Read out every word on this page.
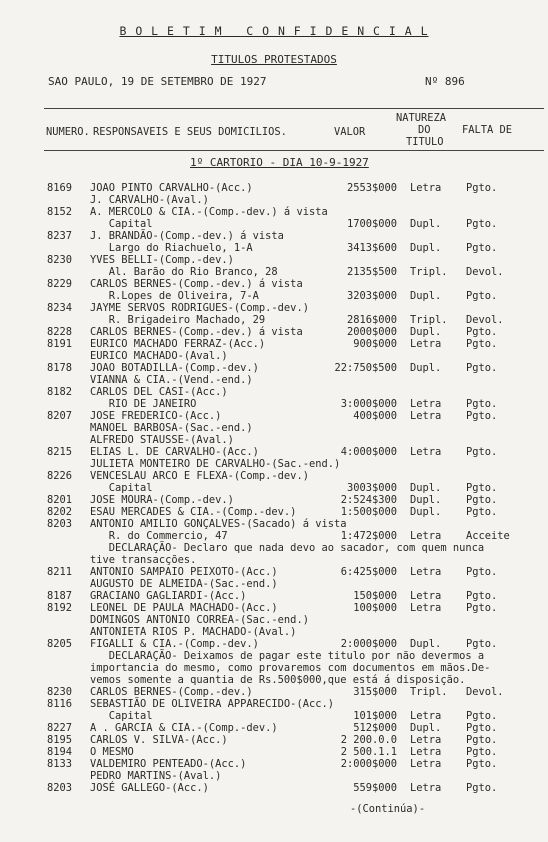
B O L E T I M   C O N F I D E N C I A L
TITULOS PROTESTADOS
SAO PAULO, 19 DE SETEMBRO DE 1927	Nº 896
NUMERO. RESPONSAVEIS E SEUS DOMICILIOS.	VALOR
NATUREZA
DO
TITULO
FALTA DE
1º CARTORIO - DIA 10-9-1927
8169 JOAO PINTO CARVALHO-(Acc.)	2553$000 Letra Pgto.
J. CARVALHO-(Aval.)
8152 A. MERCOLO & CIA.-(Comp.-dev.) á vista
Capital	1700$000 Dupl. Pgto.
8237 J. BRANDÃO-(Comp.-dev.) á vista
Largo do Riachuelo, 1-A	3413$600 Dupl. Pgto.
8230 YVES BELLI-(Comp.-dev.)
Al. Barão do Rio Branco, 28	2135$500 Tripl. Devol.
8229 CARLOS BERNES-(Comp.-dev.) á vista
R.Lopes de Oliveira, 7-A	3203$000 Dupl. Pgto.
8234 JAYME SERVOS RODRIGUES-(Comp.-dev.)
R. Brigadeiro Machado, 29	2816$000 Tripl. Devol.
8228 CARLOS BERNES-(Comp.-dev.) á vista	2000$000 Dupl. Pgto.
8191 EURICO MACHADO FERRAZ-(Acc.)	900$000 Letra Pgto.
EURICO MACHADO-(Aval.)
8178 JOAO BOTADILLA-(Comp.-dev.)	22:750$500 Dupl. Pgto.
VIANNA & CIA.-(Vend.-end.)
8182 CARLOS DEL CASI-(Acc.)
RIO DE JANEIRO	3:000$000 Letra Pgto.
8207 JOSE FREDERICO-(Acc.)	400$000 Letra Pgto.
MANOEL BARBOSA-(Sac.-end.)
ALFREDO STAUSSE-(Aval.)
8215 ELIAS L. DE CARVALHO-(Acc.)	4:000$000 Letra Pgto.
JULIETA MONTEIRO DE CARVALHO-(Sac.-end.)
8226 VENCESLAU ARCO E FLEXA-(Comp.-dev.)
Capital	3003$000 Dupl. Pgto.
8201 JOSE MOURA-(Comp.-dev.)	2:524$300 Dupl. Pgto.
8202 ESAU MERCADES & CIA.-(Comp.-dev.)	1:500$000 Dupl. Pgto.
8203 ANTONIO AMILIO GONÇALVES-(Sacado) á vista
R. do Commercio, 47	1:472$000 Letra Acceite
DECLARAÇÃO- Declaro que nada devo ao sacador, com quem nunca
tive transacções.
8211 ANTONIO SAMPAIO PEIXOTO-(Acc.)	6:425$000 Letra Pgto.
AUGUSTO DE ALMEIDA-(Sac.-end.)
8187 GRACIANO GAGLIARDI-(Acc.)	150$000 Letra Pgto.
8192 LEONEL DE PAULA MACHADO-(Acc.)	100$000 Letra Pgto.
DOMINGOS ANTONIO CORREA-(Sac.-end.)
ANTONIETA RIOS P. MACHADO-(Aval.)
8205 FIGALLI & CIA.-(Comp.-dev.)	2:000$000 Dupl. Pgto.
DECLARAÇÃO- Deixamos de pagar este titulo por não devermos a
importancia do mesmo, como provaremos com documentos em mãos.De-
vemos somente a quantia de Rs.500$000,que está á disposição.
8230 CARLOS BERNES-(Comp.-dev.)	315$000 Tripl. Devol.
8116 SEBASTIÃO DE OLIVEIRA APPARECIDO-(Acc.)
Capital	101$000 Letra Pgto.
8227 A . GARCIA & CIA.-(Comp.-dev.)	512$000 Dupl. Pgto.
8195 CARLOS V. SILVA-(Acc.)	2 200.0.0 Letra Pgto.
8194 O MESMO	2 500.1.1 Letra Pgto.
8133 VALDEMIRO PENTEADO-(Acc.)	2:000$000 Letra Pgto.
PEDRO MARTINS-(Aval.)
8203 JOSÉ GALLEGO-(Acc.)	559$000 Letra Pgto.
-(Continúa)-
